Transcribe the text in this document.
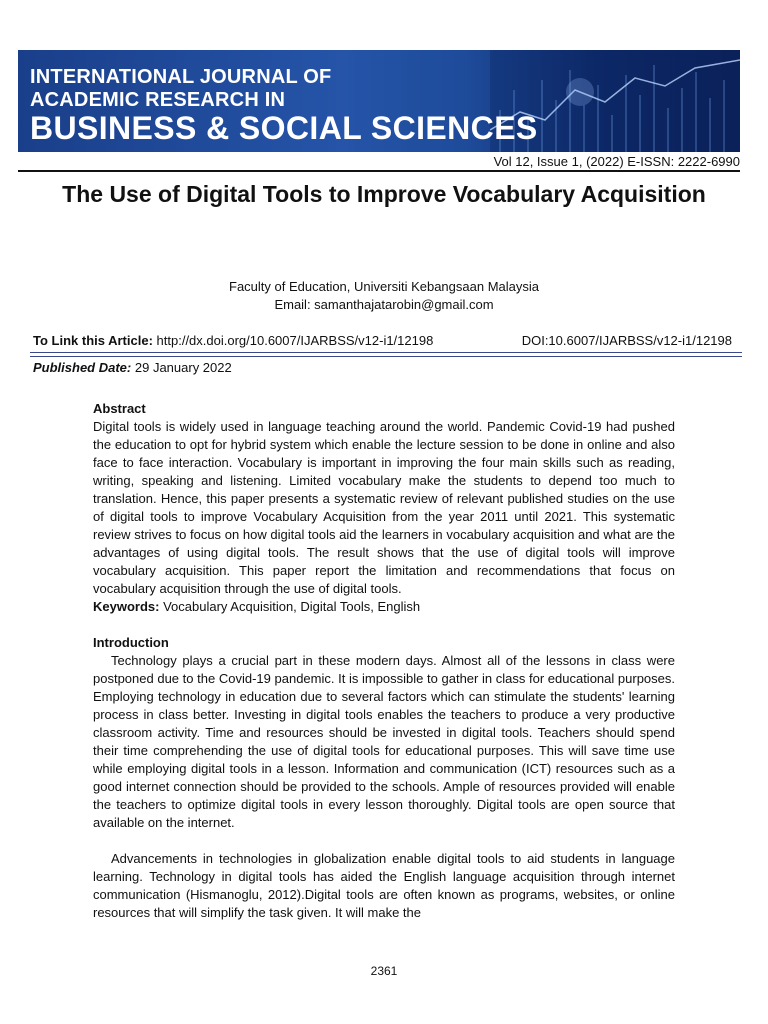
INTERNATIONAL JOURNAL OF
ACADEMIC RESEARCH IN
BUSINESS & SOCIAL SCIENCES
Vol 12, Issue 1, (2022) E-ISSN: 2222-6990
The Use of Digital Tools to Improve Vocabulary Acquisition
Faculty of Education, Universiti Kebangsaan Malaysia
Email: samanthajatarobin@gmail.com
To Link this Article: http://dx.doi.org/10.6007/IJARBSS/v12-i1/12198	DOI:10.6007/IJARBSS/v12-i1/12198
Published Date: 29 January 2022
Abstract

Digital tools is widely used in language teaching around the world. Pandemic Covid-19 had pushed the education to opt for hybrid system which enable the lecture session to be done in online and also face to face interaction. Vocabulary is important in improving the four main skills such as reading, writing, speaking and listening. Limited vocabulary make the students to depend too much to translation. Hence, this paper presents a systematic review of relevant published studies on the use of digital tools to improve Vocabulary Acquisition from the year 2011 until 2021. This systematic review strives to focus on how digital tools aid the learners in vocabulary acquisition and what are the advantages of using digital tools. The result shows that the use of digital tools will improve vocabulary acquisition. This paper report the limitation and recommendations that focus on vocabulary acquisition through the use of digital tools.

Keywords: Vocabulary Acquisition, Digital Tools, English
Introduction

Technology plays a crucial part in these modern days. Almost all of the lessons in class were postponed due to the Covid-19 pandemic. It is impossible to gather in class for educational purposes. Employing technology in education due to several factors which can stimulate the students' learning process in class better. Investing in digital tools enables the teachers to produce a very productive classroom activity. Time and resources should be invested in digital tools. Teachers should spend their time comprehending the use of digital tools for educational purposes. This will save time use while employing digital tools in a lesson. Information and communication (ICT) resources such as a good internet connection should be provided to the schools. Ample of resources provided will enable the teachers to optimize digital tools in every lesson thoroughly. Digital tools are open source that available on the internet.

Advancements in technologies in globalization enable digital tools to aid students in language learning. Technology in digital tools has aided the English language acquisition through internet communication (Hismanoglu, 2012).Digital tools are often known as programs, websites, or online resources that will simplify the task given. It will make the

2361
